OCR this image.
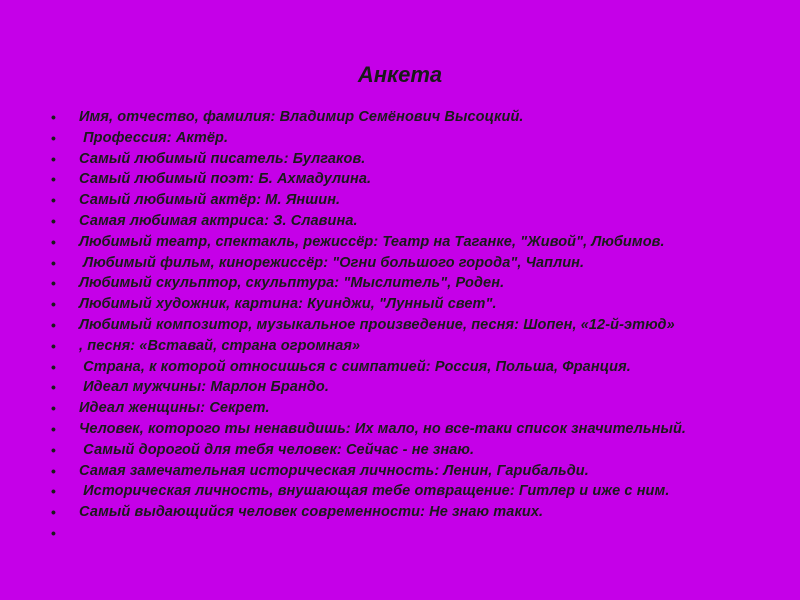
Анкета
• Имя, отчество, фамилия: Владимир Семёнович Высоцкий.
• Профессия: Актёр.
• Самый любимый писатель: Булгаков.
• Самый любимый поэт: Б. Ахмадулина.
• Самый любимый актёр: М. Яншин.
• Самая любимая актриса: З. Славина.
• Любимый театр, спектакль, режиссёр: Театр на Таганке, "Живой", Любимов.
• Любимый фильм, кинорежиссёр: "Огни большого города", Чаплин.
• Любимый скульптор, скульптура: "Мыслитель", Роден.
• Любимый художник, картина: Куинджи, "Лунный свет".
• Любимый композитор, музыкальное произведение, песня: Шопен, «12-й-этюд»
• , песня: «Вставай, страна огромная»
• Страна, к которой относишься с симпатией: Россия, Польша, Франция.
• Идеал мужчины: Марлон Брандо.
• Идеал женщины: Секрет.
• Человек, которого ты ненавидишь: Их мало, но все-таки список значительный.
• Самый дорогой для тебя человек: Сейчас - не знаю.
• Самая замечательная историческая личность: Ленин, Гарибальди.
• Историческая личность, внушающая тебе отвращение: Гитлер и иже с ним.
• Самый выдающийся человек современности: Не знаю таких.
•
